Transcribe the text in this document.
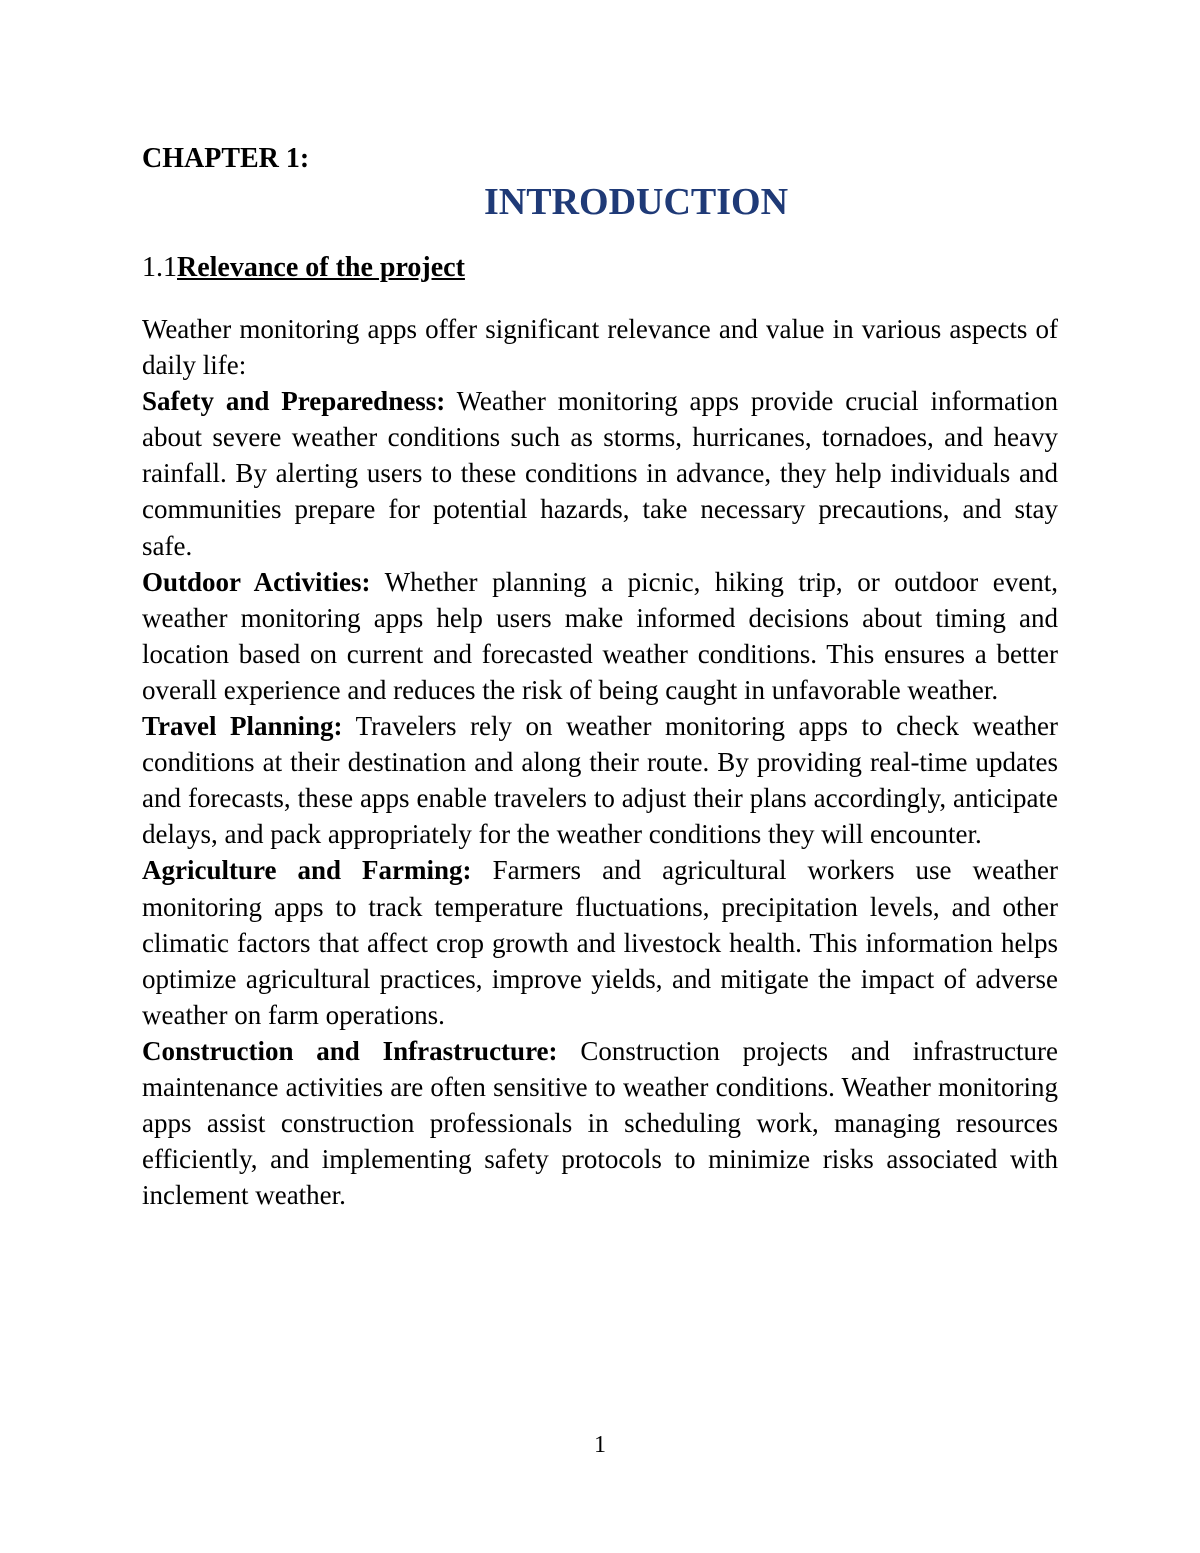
CHAPTER 1:
INTRODUCTION
1.1Relevance of the project

Weather monitoring apps offer significant relevance and value in various aspects of daily life:

Safety and Preparedness: Weather monitoring apps provide crucial information about severe weather conditions such as storms, hurricanes, tornadoes, and heavy rainfall. By alerting users to these conditions in advance, they help individuals and communities prepare for potential hazards, take necessary precautions, and stay safe.

Outdoor Activities: Whether planning a picnic, hiking trip, or outdoor event, weather monitoring apps help users make informed decisions about timing and location based on current and forecasted weather conditions. This ensures a better overall experience and reduces the risk of being caught in unfavorable weather.

Travel Planning: Travelers rely on weather monitoring apps to check weather conditions at their destination and along their route. By providing real-time updates and forecasts, these apps enable travelers to adjust their plans accordingly, anticipate delays, and pack appropriately for the weather conditions they will encounter.

Agriculture and Farming: Farmers and agricultural workers use weather monitoring apps to track temperature fluctuations, precipitation levels, and other climatic factors that affect crop growth and livestock health. This information helps optimize agricultural practices, improve yields, and mitigate the impact of adverse weather on farm operations.

Construction and Infrastructure: Construction projects and infrastructure maintenance activities are often sensitive to weather conditions. Weather monitoring apps assist construction professionals in scheduling work, managing resources efficiently, and implementing safety protocols to minimize risks associated with inclement weather.

1
